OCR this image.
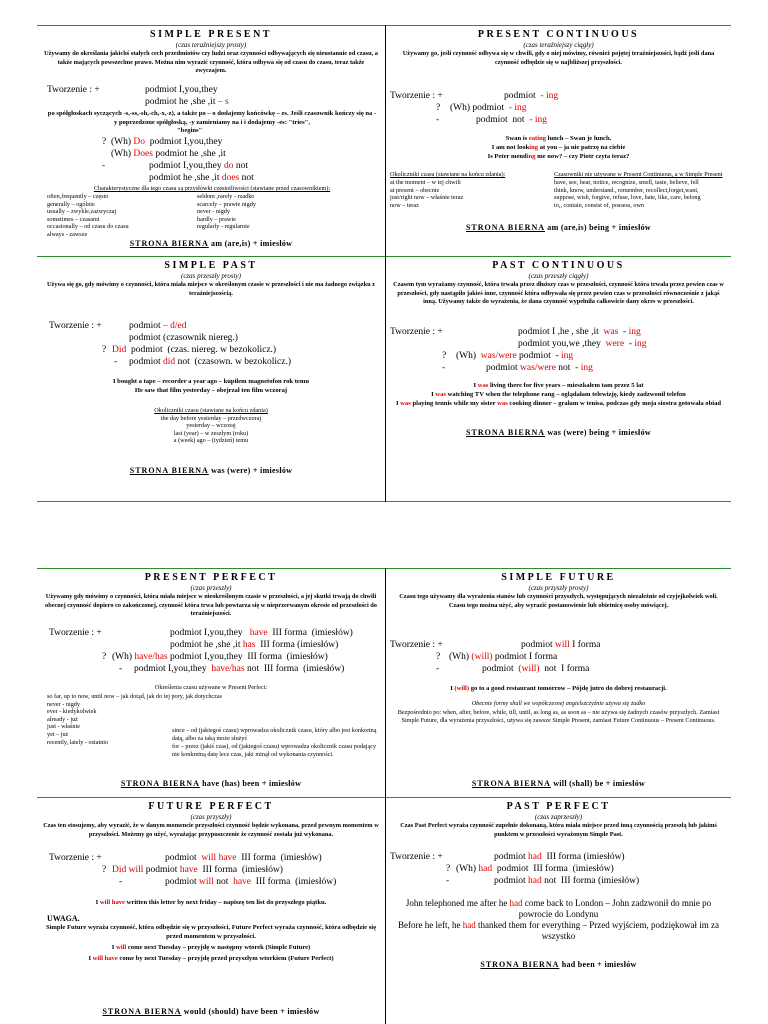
SIMPLE PRESENT
(czas teraźniejszy prosty)
Używamy do określania jakichś stałych cech przedmiotów czy ludzi oraz czynności odbywających się nieustannie od czasu, a także mających powszechne prawo. Można nim wyrazić czynność, która odbywa się od czasu do czasu, teraz także zwyczajem.
Tworzenie : +	podmiot I,you,they
podmiot he ,she ,it – s
po spółgłoskach syczących -s,-ss,-sh,-ch,-x,-z), a także po – o dodajemy końcówkę – es. Jeśli czasownik kończy się na -y poprzedzone spółgłoską, -y zamieniamy na i i dodajemy -es: "tries",
"begins"
? (Wh) Do  podmiot I,you,they
(Wh) Does podmiot he ,she ,it
-	podmiot I,you,they do not
podmiot he ,she ,it does not
Charakterystyczne dla tego czasu są przysłówki częstotliwości (stawiane przed czasownikiem):
often,frequently – często
generally – ogólnie
usually – zwykle,zazwyczaj
sometimes – czasami
occasionally – od czasu do czasu
always - zawsze
seldom ,rarely - rzadko
scarcely – prawie nigdy
never - nigdy
hardly – prawie
regularly - regularnie
STRONA BIERNA am (are,is) + imiesłów
PRESENT CONTINUOUS
(czas teraźniejszy ciągły)
Używamy go, jeśli czynność odbywa się w chwili, gdy o niej mówimy, również pojętej teraźniejszości, bądź jeśli dana czynność odbędzie się w najbliższej przyszłości.
Tworzenie : +	podmiot  - ing
? (Wh) podmiot  - ing
-	podmiot  not  - ing
Swan is eating lunch – Swan je lunch.
I am not looking at you – ja nie patrzę na ciebie
Is Peter mending me now? – czy Piotr czyta teraz?
Okoliczniki czasu (stawiane na końcu zdania):
at the moment – w tej chwili
at present – obecnie
just/right now – właśnie teraz
now – teraz
Czasowniki nie używane w Present Continuous, a w Simple Present
have, see, hear, notice, recognize, smell, taste, believe, fell
think, know, understand., remember, recollect,forget,want,
suppose, wish, forgive, refuse, love, hate, like, care, belong
to,, contain, consist of, possess, own
STRONA BIERNA am (are,is) being + imiesłów
SIMPLE PAST
(czas przeszły prosty)
Używa się go, gdy mówimy o czynności, która miała miejsce w określonym czasie w przeszłości i nie ma żadnego związku z teraźniejszością.
Tworzenie : +	podmiot – d/ed
podmiot (czasownik niereg.)
? Did  podmiot  (czas. niereg. w bezokolicz.)
- podmiot did not  (czasown. w bezokolicz.)
I bought a tape – recorder a year ago – kupiłem magnetofon rok temu
He saw that film yesterday – obejrzał ten film wczoraj
Okoliczniki czasu (stawiane na końcu zdania)
the day before yesterday – przedwczoraj
yesterday – wczoraj
last (year) – w zeszłym (roku)
a (week) ago – (tydzień) temu
STRONA BIERNA was (were) + imiesłów
PAST CONTINUOUS
(czas przeszły ciągły)
Czasem tym wyrażamy czynność, która trwała przez dłuższy czas w przeszłości, czynność która trwała przez pewien czas w przeszłości, gdy nastąpiło jakieś inne, czynność która odbywała się przez pewien czas w przeszłości równocześnie z jakąś inną. Używamy także do wyrażenia, że dana czynność wypełniła całkowicie dany okres w przeszłości.
Tworzenie : +	podmiot I ,he , she ,it  was  - ing
podmiot you,we ,they  were  - ing
? (Wh)  was/were podmiot  - ing
-	podmiot was/were not  - ing
I was living there for five years – mieszkałem tam przez 5 lat
I was watching TV when the telephone rang – oglądałam telewizję, kiedy zadzwonił telefon
I was playing tennis while my sister was cooking dinner – grałam w tenisa, podczas gdy moja siostra gotowała obiad
STRONA BIERNA was (were) being + imiesłów
PRESENT PERFECT
(czas przeszły)
Używamy gdy mówimy o czynności, która miała miejsce w nieokreślonym czasie w przeszłości, a jej skutki trwają do chwili obecnej czynność dopiero co zakończonej, czynność która trwa lub powtarza się w nieprzerwanym okresie od przeszłości do teraźniejszości.
Tworzenie : +	podmiot I,you,they   have  III forma  (imiesłów)
podmiot he ,she ,it has  III forma (imiesłów)
? (Wh) have/has podmiot I,you,they  III forma  (imiesłów)
- podmiot I,you,they  have/has not  III forma  (imiesłów)
Określenia czasu używane w Present Perfect:
so far, up to now, until now – jak dotąd, jak do tej pory, jak dotychczas
never - nigdy
ever - kiedykolwiek
already - już
just - właśnie
yet – już
recently, lately - ostatnio
since – od (jakiegoś czasu) wprowadza okolicznik czasu, który albo jest konkretną datą, albo za taką może służyć
for – przez (jakiś czas), od (jakiegoś czasu) wprowadza okolicznik czasu podający nie konkretną datę lecz czas, jaki minął od wykonania czynności.
STRONA BIERNA have (has) been + imiesłów
SIMPLE FUTURE
(czas przyszły prosty)
Czasu tego używamy dla wyrażenia stanów lub czynności przyszłych, występujących niezależnie od czyjejkolwiek woli. Czasu tego można użyć, aby wyrazić postanowienie lub obietnicę osoby mówiącej.
Tworzenie : +	podmiot will I forma
? (Wh) (will) podmiot I forma
-	podmiot  (will)  not  I forma
I (will) go to a good restaurant tomorrow – Pójdę jutro do dobrej restauracji.
Obecnie formy shall we współczesnej angielszczyźnie używa się żadko
Bezpośrednio po: when, after, before, while, till, until, as long as, as soon as – nie używa się żadnych czasów przyszłych. Zamiast Simple Future, dla wyrażenia przyszłości, używa się zawsze Simple Present, zamiast Future Continuous – Present Continuous.
STRONA BIERNA will (shall) be + imiesłów
FUTURE PERFECT
(czas przyszły)
Czas ten stosujemy, aby wyrazić, że w danym momencie przyszłości czynność będzie wykonana, przed pewnym momentem w przyszłości. Możemy go użyć, wyrażając przypuszczenie że czynność została już wykonana.
Tworzenie : +	podmiot  will have  III forma  (imiesłów)
? Did will podmiot have  III forma  (imiesłów)
-	podmiot will not  have  III forma  (imiesłów)
I will have written this letter by next friday – napiszę ten list do przyszłego piątku.
UWAGA.
Simple Future wyraża czynność, która odbędzie się w przyszłości, Future Perfect wyraża czynność, która odbędzie się przed momentem w przyszłości.
I will come next Tuesday – przyjdę w następny wtorek (Simple Future)
I will have come by next Tuesday – przyjdę przed przyszłym wtorkiem (Future Perfect)
STRONA BIERNA would (should) have been + imiesłów
PAST PERFECT
(czas zaprzeszły)
Czas Past Perfect wyraża czynność zupełnie dokonaną, która miała miejsce przed inną czynnością przeszłą lub jakimś punktem w przeszłości wyrażonym Simple Past.
Tworzenie : +	podmiot had  III forma (imiesłów)
? (Wh) had  podmiot  III forma  (imiesłów)
-	podmiot had not  III forma (imiesłów)
John telephoned me after he had come back to London – John zadzwonił do mnie po powrocie do Londynu
Before he left, he had thanked them for everything – Przed wyjściem, podziękował im za wszystko
STRONA BIERNA had been + imiesłów
